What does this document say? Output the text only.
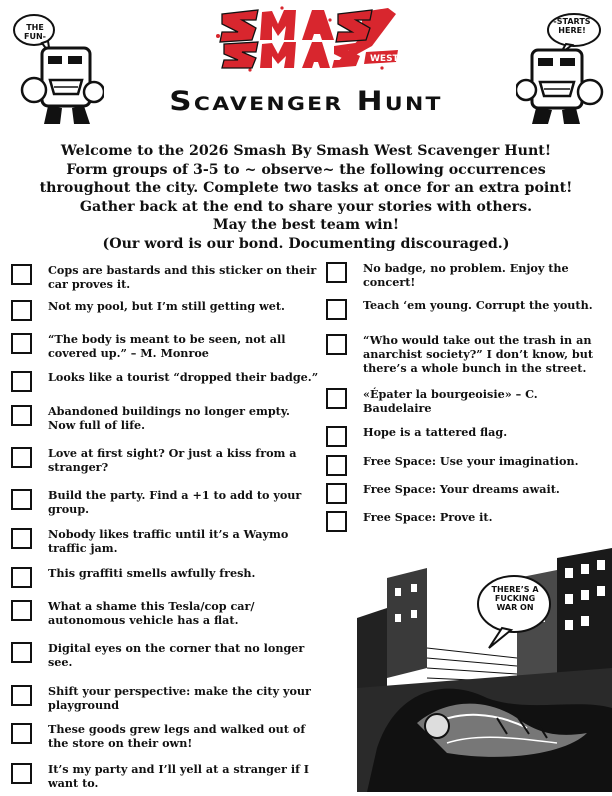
THE FUN-
-STARTS HERE!
WEST
Scavenger Hunt
Welcome to the 2026 Smash By Smash West Scavenger Hunt!
Form groups of 3-5 to ~ observe~ the following occurrences
throughout the city. Complete two tasks at once for an extra point!
Gather back at the end to share your stories with others.
May the best team win!
(Our word is our bond. Documenting discouraged.)
Cops are bastards and this sticker on their
car proves it.
Not my pool, but I’m still getting wet.
“The body is meant to be seen, not all
covered up.” – M. Monroe
Looks like a tourist “dropped their badge.”
Abandoned buildings no longer empty.
Now full of life.
Love at first sight? Or just a kiss from a
stranger?
Build the party. Find a +1 to add to your
group.
Nobody likes traffic until it’s a Waymo
traffic jam.
This graffiti smells awfully fresh.
What a shame this Tesla/cop car/
autonomous vehicle has a flat.
Digital eyes on the corner that no longer
see.
Shift your perspective: make the city your
playground
These goods grew legs and walked out of
the store on their own!
It’s my party and I’ll yell at a stranger if I
want to.
No badge, no problem. Enjoy the
concert!
Teach ‘em young. Corrupt the youth.
“Who would take out the trash in an
anarchist society?” I don’t know, but
there’s a whole bunch in the street.
«Épater la bourgeoisie» – C.
Baudelaire
Hope is a tattered flag.
Free Space: Use your imagination.
Free Space: Your dreams await.
Free Space: Prove it.
THERE’S A FUCKING WAR ON
